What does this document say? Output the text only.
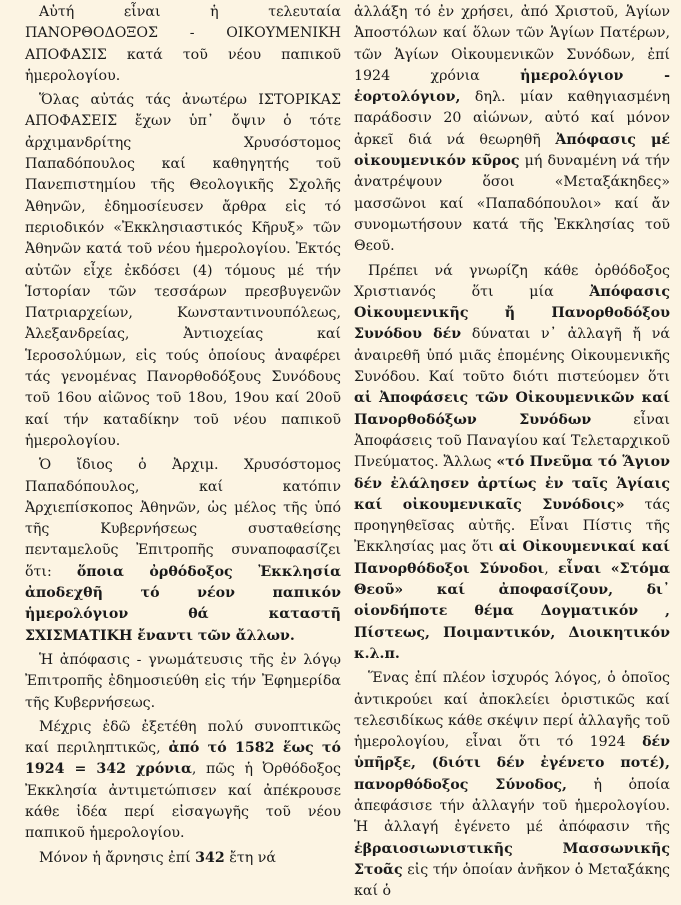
Αὐτή εἶναι ἡ τελευταία ΠΑΝΟΡΘΟΔΟΞΟΣ - ΟΙΚΟΥΜΕΝΙΚΗ ΑΠΟΦΑΣΙΣ κατά τοῦ νέου παπικοῦ ἡμερολογίου.

Ὅλας αὐτάς τάς ἀνωτέρω ΙΣΤΟΡΙΚΑΣ ΑΠΟΦΑΣΕΙΣ ἔχων ὑπ᾽ ὄψιν ὁ τότε ἀρχιμανδρίτης Χρυσόστομος Παπαδόπουλος καί καθηγητής τοῦ Πανεπιστημίου τῆς Θεολογικῆς Σχολῆς Ἀθηνῶν, ἐδημοσίευσεν ἄρθρα εἰς τό περιοδικόν «Ἐκκλησιαστικός Κῆρυξ» τῶν Ἀθηνῶν κατά τοῦ νέου ἡμερολογίου. Ἐκτός αὐτῶν εἶχε ἐκδόσει (4) τόμους μέ τήν Ἱστορίαν τῶν τεσσάρων πρεσβυγενῶν Πατριαρχείων, Κωνσταντινουπόλεως, Ἀλεξανδρείας, Ἀντιοχείας καί Ἱεροσολύμων, εἰς τούς ὁποίους ἀναφέρει τάς γενομένας Πανορθοδόξους Συνόδους τοῦ 16ου αἰῶνος τοῦ 18ου, 19ου καί 20οῦ καί τήν καταδίκην τοῦ νέου παπικοῦ ἡμερολογίου.

Ὁ ἴδιος ὁ Ἀρχιμ. Χρυσόστομος Παπαδόπουλος, καί κατόπιν Ἀρχιεπίσκοπος Ἀθηνῶν, ὡς μέλος τῆς ὑπό τῆς Κυβερνήσεως συσταθείσης πενταμελοῦς Ἐπιτροπῆς συναποφασίζει ὅτι: ὅποια ὀρθόδοξος Ἐκκλησία ἀποδεχθῆ τό νέον παπικόν ἡμερολόγιον θά καταστῆ ΣΧΙΣΜΑΤΙΚΗ ἔναντι τῶν ἄλλων.

Ἡ ἀπόφασις - γνωμάτευσις τῆς ἐν λόγῳ Ἐπιτροπῆς ἐδημοσιεύθη εἰς τήν Ἐφημερίδα τῆς Κυβερνήσεως.

Μέχρις ἐδῶ ἐξετέθη πολύ συνοπτικῶς καί περιληπτικῶς, ἀπό τό 1582 ἕως τό 1924 = 342 χρόνια, πῶς ἡ Ὀρθόδοξος Ἐκκλησία ἀντιμετώπισεν καί ἀπέκρουσε κάθε ἰδέα περί εἰσαγωγῆς τοῦ νέου παπικοῦ ἡμερολογίου.

Μόνον ἡ ἄρνησις ἐπί 342 ἔτη νά

ἀλλάξη τό ἐν χρήσει, ἀπό Χριστοῦ, Ἁγίων Ἀποστόλων καί ὅλων τῶν Ἁγίων Πατέρων, τῶν Ἁγίων Οἰκουμενικῶν Συνόδων, ἐπί 1924 χρόνια ἡμερολόγιον - ἑορτολόγιον, δηλ. μίαν καθηγιασμένη παράδοσιν 20 αἰώνων, αὐτό καί μόνον ἀρκεῖ διά νά θεωρηθῆ Ἀπόφασις μέ οἰκουμενικόν κῦρος μή δυναμένη νά τήν ἀνατρέψουν ὅσοι «Μεταξάκηδες» μασσῶνοι καί «Παπαδόπουλοι» καί ἄν συνομωτήσουν κατά τῆς Ἐκκλησίας τοῦ Θεοῦ.

Πρέπει νά γνωρίζη κάθε ὀρθόδοξος Χριστιανός ὅτι μία Ἀπόφασις Οἰκουμενικῆς ἤ Πανορθοδόξου Συνόδου δέν δύναται ν᾽ ἀλλαγῆ ἤ νά ἀναιρεθῆ ὑπό μιᾶς ἑπομένης Οἰκουμενικῆς Συνόδου. Καί τοῦτο διότι πιστεύομεν ὅτι αἱ Ἀποφάσεις τῶν Οἰκουμενικῶν καί Πανορθοδόξων Συνόδων εἶναι Ἀποφάσεις τοῦ Παναγίου καί Τελεταρχικοῦ Πνεύματος. Ἄλλως «τό Πνεῦμα τό Ἅγιον δέν ἐλάλησεν ἀρτίως ἐν ταῖς Ἁγίαις καί οἰκουμενικαῖς Συνόδοις» τάς προηγηθεῖσας αὐτῆς. Εἶναι Πίστις τῆς Ἐκκλησίας μας ὅτι αἱ Οἰκουμενικαί καί Πανορθόδοξοι Σύνοδοι, εἶναι «Στόμα Θεοῦ» καί ἀποφασίζουν, δι᾽ οἱονδήποτε θέμα Δογματικόν , Πίστεως, Ποιμαντικόν, Διοικητικόν κ.λ.π.

Ἕνας ἐπί πλέον ἰσχυρός λόγος, ὁ ὁποῖος ἀντικρούει καί ἀποκλείει ὁριστικῶς καί τελεσιδίκως κάθε σκέψιν περί ἀλλαγῆς τοῦ ἡμερολογίου, εἶναι ὅτι τό 1924 δέν ὑπῆρξε, (διότι δέν ἐγένετο ποτέ), πανορθόδοξος Σύνοδος, ἡ ὁποία ἀπεφάσισε τήν ἀλλαγήν τοῦ ἡμερολογίου. Ἡ ἀλλαγή ἐγένετο μέ ἀπόφασιν τῆς ἑβραιοσιωνιστικῆς Μασσωνικῆς Στοᾶς εἰς τήν ὁποίαν ἀνῆκον ὁ Μεταξάκης καί ὁ
